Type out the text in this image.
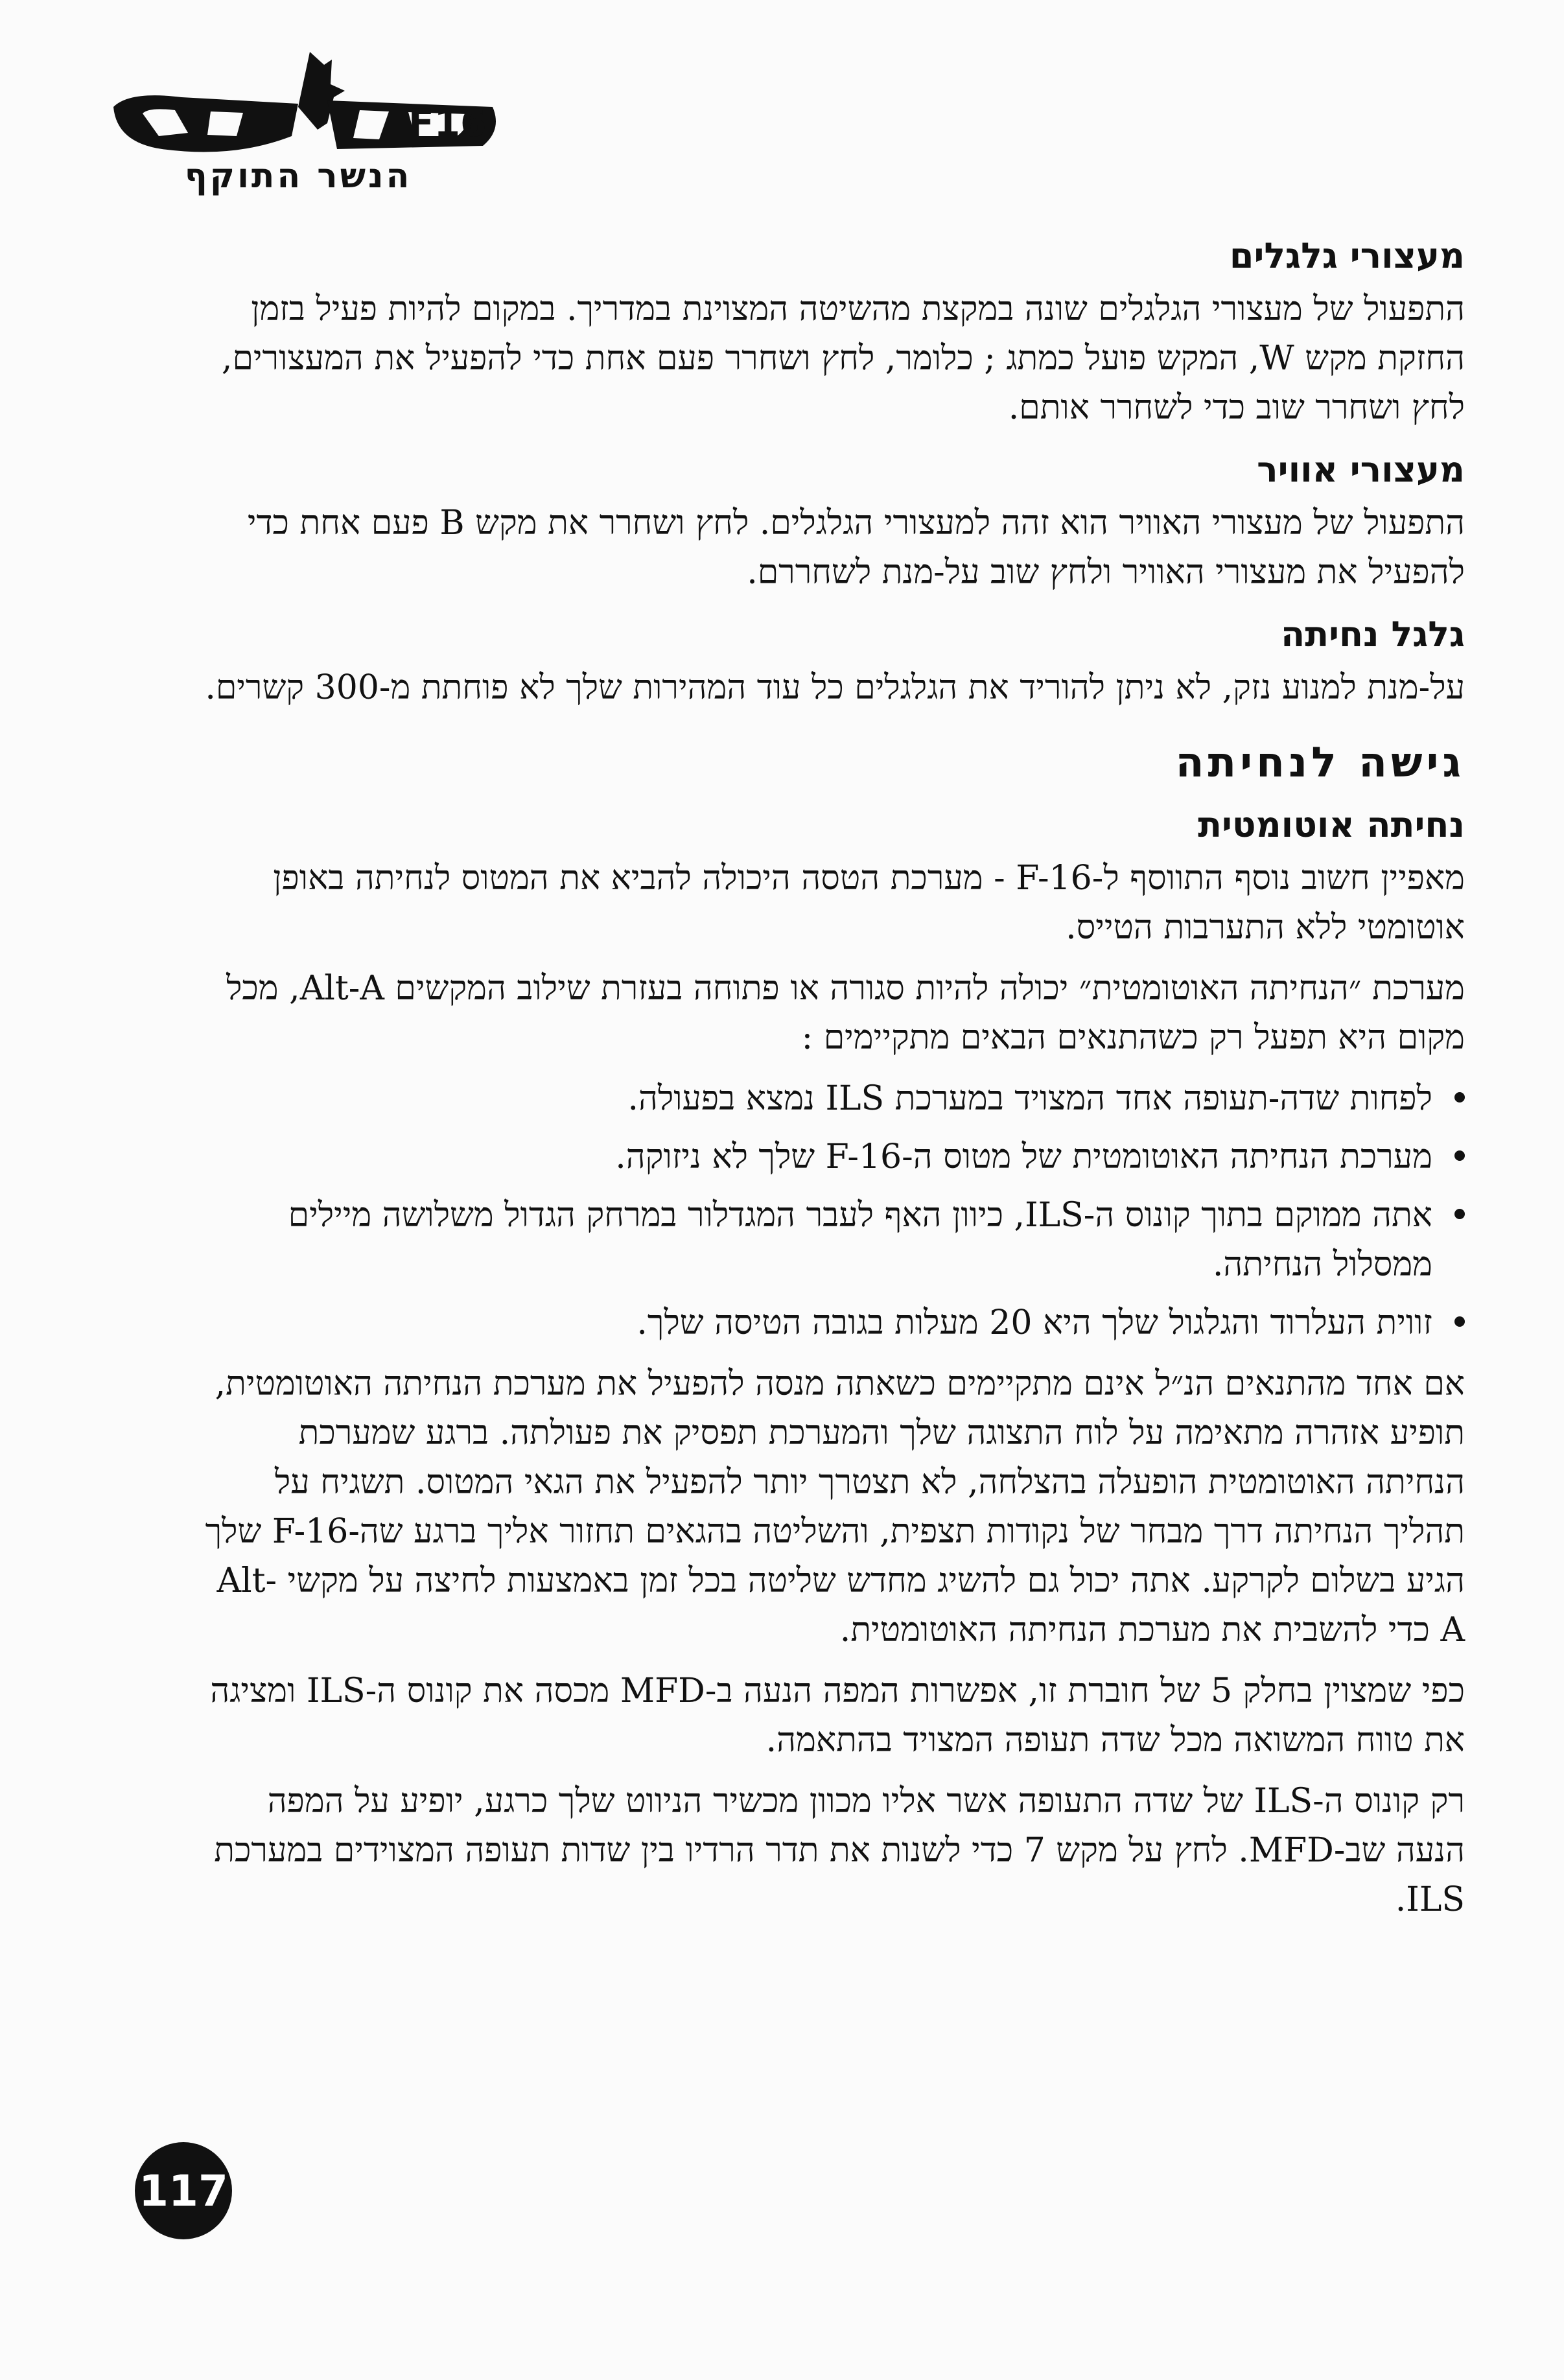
F16
הנשר התוקף
מעצורי גלגלים

התפעול של מעצורי הגלגלים שונה במקצת מהשיטה המצוינת במדריך. במקום להיות פעיל בזמן החזקת מקש W, המקש פועל כמתג ; כלומר, לחץ ושחרר פעם אחת כדי להפעיל את המעצורים, לחץ ושחרר שוב כדי לשחרר אותם.

מעצורי אוויר

התפעול של מעצורי האוויר הוא זהה למעצורי הגלגלים. לחץ ושחרר את מקש B פעם אחת כדי להפעיל את מעצורי האוויר ולחץ שוב על-מנת לשחררם.

גלגל נחיתה

על-מנת למנוע נזק, לא ניתן להוריד את הגלגלים כל עוד המהירות שלך לא פוחתת מ-300 קשרים.

גישה לנחיתה
נחיתה אוטומטית

מאפיין חשוב נוסף התווסף ל-F-16 - מערכת הטסה היכולה להביא את המטוס לנחיתה באופן אוטומטי ללא התערבות הטייס.

מערכת ״הנחיתה האוטומטית״ יכולה להיות סגורה או פתוחה בעזרת שילוב המקשים Alt-A, מכל מקום היא תפעל רק כשהתנאים הבאים מתקיימים :

לפחות שדה-תעופה אחד המצויד במערכת ILS נמצא בפעולה.
מערכת הנחיתה האוטומטית של מטוס ה-F-16 שלך לא ניזוקה.
אתה ממוקם בתוך קונוס ה-ILS, כיוון האף לעבר המגדלור במרחק הגדול משלושה מיילים ממסלול הנחיתה.
זווית העלרוד והגלגול שלך היא 20 מעלות בגובה הטיסה שלך.

אם אחד מהתנאים הנ״ל אינם מתקיימים כשאתה מנסה להפעיל את מערכת הנחיתה האוטומטית, תופיע אזהרה מתאימה על לוח התצוגה שלך והמערכת תפסיק את פעולתה. ברגע שמערכת הנחיתה האוטומטית הופעלה בהצלחה, לא תצטרך יותר להפעיל את הגאי המטוס. תשגיח על תהליך הנחיתה דרך מבחר של נקודות תצפית, והשליטה בהגאים תחזור אליך ברגע שה-F-16 שלך הגיע בשלום לקרקע. אתה יכול גם להשיג מחדש שליטה בכל זמן באמצעות לחיצה על מקשי Alt-A כדי להשבית את מערכת הנחיתה האוטומטית.

כפי שמצוין בחלק 5 של חוברת זו, אפשרות המפה הנעה ב-MFD מכסה את קונוס ה-ILS ומציגה את טווח המשואה מכל שדה תעופה המצויד בהתאמה.

רק קונוס ה-ILS של שדה התעופה אשר אליו מכוון מכשיר הניווט שלך כרגע, יופיע על המפה הנעה שב-MFD. לחץ על מקש 7 כדי לשנות את תדר הרדיו בין שדות תעופה המצוידים במערכת ILS.

117
